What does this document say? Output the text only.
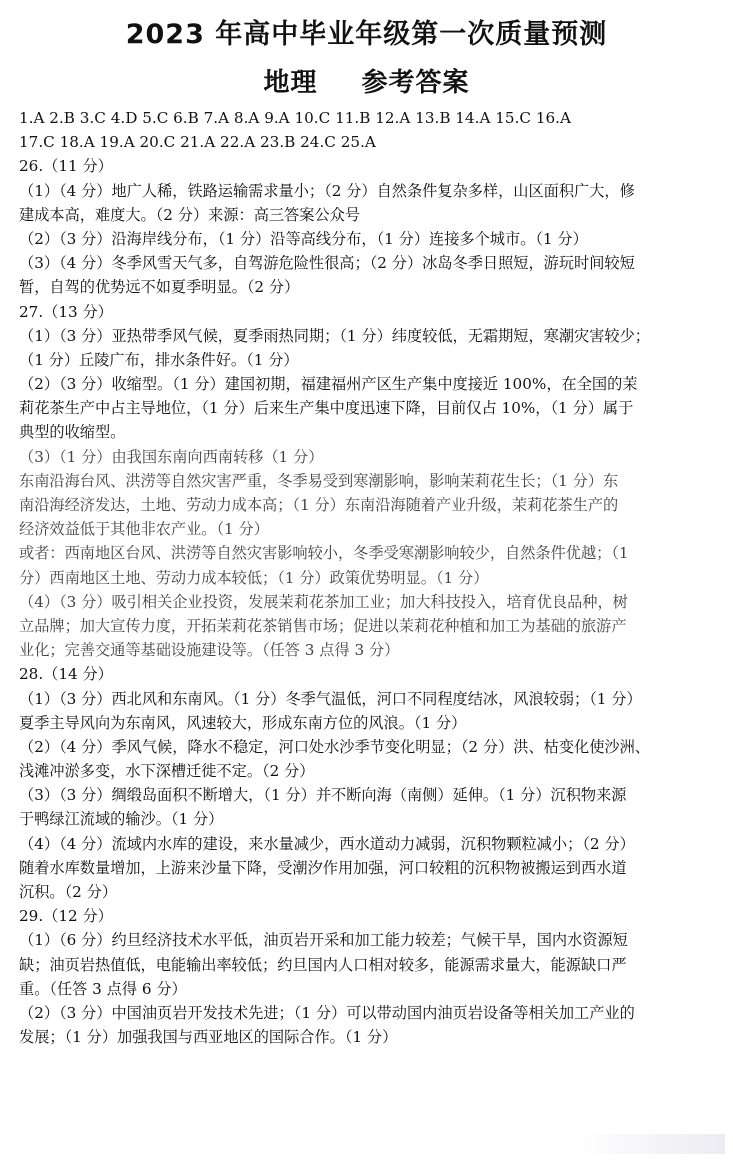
2023 年高中毕业年级第一次质量预测
地理 参考答案
1.A 2.B 3.C 4.D 5.C 6.B 7.A 8.A 9.A 10.C 11.B 12.A 13.B 14.A 15.C 16.A
17.C 18.A 19.A 20.C 21.A 22.A 23.B 24.C 25.A
26.（11 分）
（1）（4 分）地广人稀，铁路运输需求量小；（2 分）自然条件复杂多样，山区面积广大，修
建成本高，难度大。（2 分）来源：高三答案公众号
（2）（3 分）沿海岸线分布，（1 分）沿等高线分布，（1 分）连接多个城市。（1 分）
（3）（4 分）冬季风雪天气多，自驾游危险性很高；（2 分）冰岛冬季日照短，游玩时间较短
暂，自驾的优势远不如夏季明显。（2 分）
27.（13 分）
（1）（3 分）亚热带季风气候，夏季雨热同期；（1 分）纬度较低，无霜期短，寒潮灾害较少；
（1 分）丘陵广布，排水条件好。（1 分）
（2）（3 分）收缩型。（1 分）建国初期，福建福州产区生产集中度接近 100%，在全国的茉
莉花茶生产中占主导地位，（1 分）后来生产集中度迅速下降，目前仅占 10%，（1 分）属于
典型的收缩型。
（3）（1 分）由我国东南向西南转移（1 分）
东南沿海台风、洪涝等自然灾害严重，冬季易受到寒潮影响，影响茉莉花生长；（1 分）东
南沿海经济发达，土地、劳动力成本高；（1 分）东南沿海随着产业升级，茉莉花茶生产的
经济效益低于其他非农产业。（1 分）
或者：西南地区台风、洪涝等自然灾害影响较小，冬季受寒潮影响较少，自然条件优越；（1
分）西南地区土地、劳动力成本较低；（1 分）政策优势明显。（1 分）
（4）（3 分）吸引相关企业投资，发展茉莉花茶加工业；加大科技投入，培育优良品种，树
立品牌；加大宣传力度，开拓茉莉花茶销售市场；促进以茉莉花种植和加工为基础的旅游产
业化；完善交通等基础设施建设等。（任答 3 点得 3 分）
28.（14 分）
（1）（3 分）西北风和东南风。（1 分）冬季气温低，河口不同程度结冰，风浪较弱；（1 分）
夏季主导风向为东南风，风速较大，形成东南方位的风浪。（1 分）
（2）（4 分）季风气候，降水不稳定，河口处水沙季节变化明显；（2 分）洪、枯变化使沙洲、
浅滩冲淤多变，水下深槽迁徙不定。（2 分）
（3）（3 分）绸缎岛面积不断增大，（1 分）并不断向海（南侧）延伸。（1 分）沉积物来源
于鸭绿江流域的输沙。（1 分）
（4）（4 分）流域内水库的建设，来水量减少，西水道动力减弱，沉积物颗粒减小；（2 分）
随着水库数量增加，上游来沙量下降，受潮汐作用加强，河口较粗的沉积物被搬运到西水道
沉积。（2 分）
29.（12 分）
（1）（6 分）约旦经济技术水平低，油页岩开采和加工能力较差；气候干旱，国内水资源短
缺；油页岩热值低，电能输出率较低；约旦国内人口相对较多，能源需求量大，能源缺口严
重。（任答 3 点得 6 分）
（2）（3 分）中国油页岩开发技术先进；（1 分）可以带动国内油页岩设备等相关加工产业的
发展；（1 分）加强我国与西亚地区的国际合作。（1 分）
